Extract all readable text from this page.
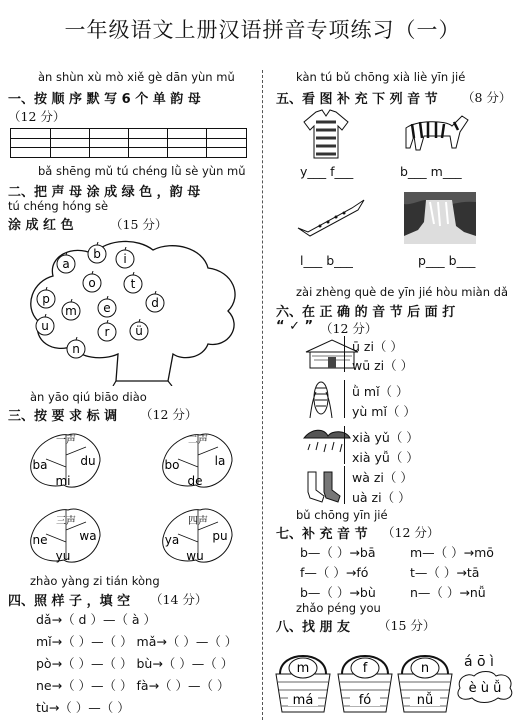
一年级语文上册汉语拼音专项练习（一）
àn shùn xù mò xiě gè dān yùn mǔ
一、按 顺 序 默 写 6 个 单 韵 母
（12 分）
bǎ shēng mǔ tú chéng lǜ sè yùn mǔ
二、把 声 母 涂 成 绿 色 ，韵 母
tú chéng hóng sè
涂 成 红 色	（15 分）
a
b i
o	t
p
m e	d
u	r ü
n
àn yāo qiú biāo diào
三、按 要 求 标 调 （12 分）
一声
ba	du
mi
二声
bo	la
de
三声
ne	wa
yu
四声
ya	pu
wu
zhào yàng zi tián kòng
四、照 样 子 ，填 空 （14 分）
dǎ→（ d ）—（ à ）
mǐ→（ ）—（ ） mǎ→（ ）—（ ）
pò→（ ）—（ ） bù→（ ）—（ ）
ne→（ ）—（ ） fà→（ ）—（ ）
tù→（ ）—（ ）
kàn tú bǔ chōng xià liè yīn jié
五、看 图 补 充 下 列 音 节 （8 分）
y___ f___	b___ m___
l___ b___	p___ b___
zài zhèng què de yīn jié hòu miàn dǎ
六、在 正 确 的 音 节 后 面 打
“ ✓ ” （12 分）
ū zi（ ）
wū zi（ ）
ǜ mǐ（ ）
yù mǐ（ ）
xià yǔ（ ）
xià yǚ（ ）
wà zi（ ）
uà zi（ ）
bǔ chōng yīn jié
七、补 充 音 节 （12 分）
b—（ ）→bā	m—（ ）→mō
f—（ ）→fó	t—（ ）→tā
b—（ ）→bù	n—（ ）→nǚ
zhǎo péng you
八、找 朋 友 （15 分）
m
má
f
fó
n
nǚ
á ō ì
è ù ǚ
